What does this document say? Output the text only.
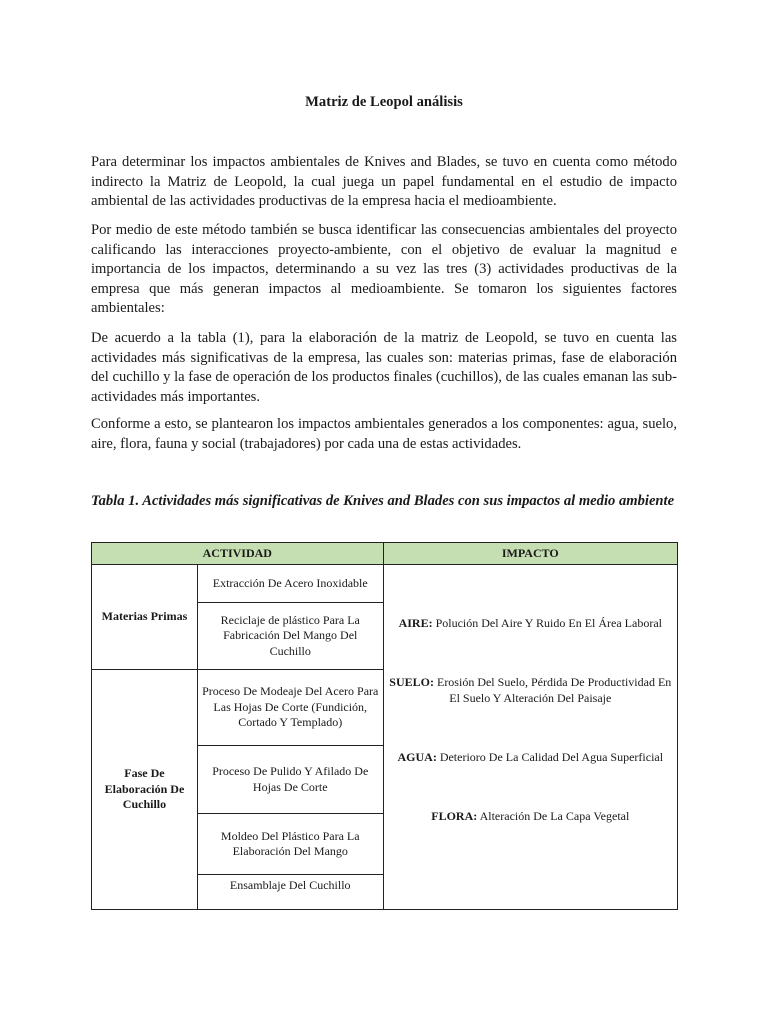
Matriz de Leopol análisis

Para determinar los impactos ambientales de Knives and Blades, se tuvo en cuenta como método indirecto la Matriz de Leopold, la cual juega un papel fundamental en el estudio de impacto ambiental de las actividades productivas de la empresa hacia el medioambiente.

Por medio de este método también se busca identificar las consecuencias ambientales del proyecto calificando las interacciones proyecto-ambiente, con el objetivo de evaluar la magnitud e importancia de los impactos, determinando a su vez las tres (3) actividades productivas de la empresa que más generan impactos al medioambiente. Se tomaron los siguientes factores ambientales:

De acuerdo a la tabla (1), para la elaboración de la matriz de Leopold, se tuvo en cuenta las actividades más significativas de la empresa, las cuales son: materias primas, fase de elaboración del cuchillo y la fase de operación de los productos finales (cuchillos), de las cuales emanan las sub-actividades más importantes.

Conforme a esto, se plantearon los impactos ambientales generados a los componentes: agua, suelo, aire, flora, fauna y social (trabajadores) por cada una de estas actividades.

Tabla 1. Actividades más significativas de Knives and Blades con sus impactos al medio ambiente

ACTIVIDAD		IMPACTO
Materias Primas	Extracción De Acero Inoxidable	AIRE: Polución Del Aire Y Ruido En El Área Laboral
SUELO: Erosión Del Suelo, Pérdida De Productividad En El Suelo Y Alteración Del Paisaje
AGUA: Deterioro De La Calidad Del Agua Superficial
FLORA: Alteración De La Capa Vegetal

	Reciclaje de plástico Para La Fabricación Del Mango Del Cuchillo	
Fase De Elaboración De Cuchillo	Proceso De Modeaje Del Acero Para Las Hojas De Corte (Fundición, Cortado Y Templado)	
	Proceso De Pulido Y Afilado De Hojas De Corte	
	Moldeo Del Plástico Para La Elaboración Del Mango	
	Ensamblaje Del Cuchillo	
